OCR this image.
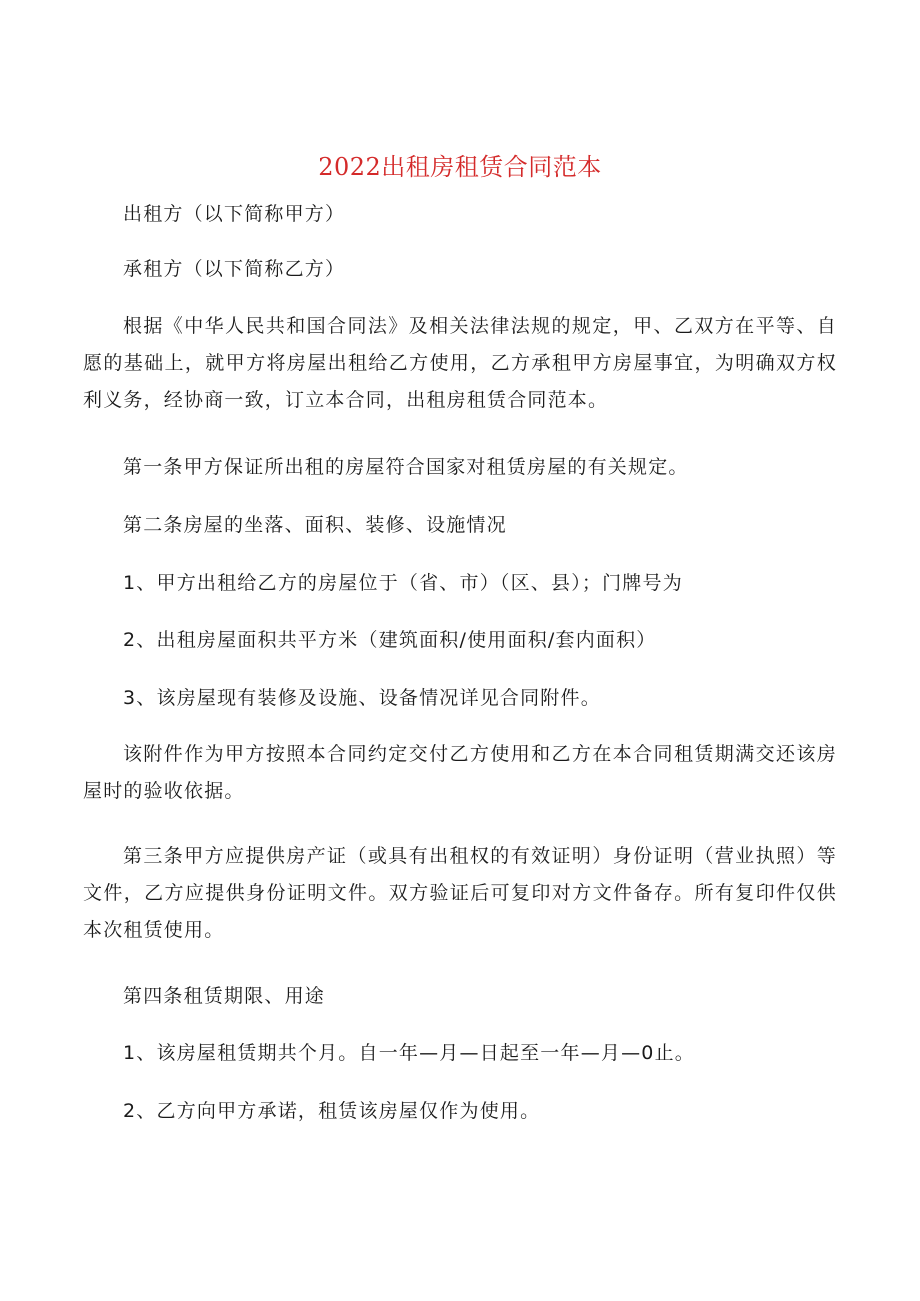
2022出租房租赁合同范本

出租方（以下简称甲方）

承租方（以下简称乙方）

根据《中华人民共和国合同法》及相关法律法规的规定，甲、乙双方在平等、自愿的基础上，就甲方将房屋出租给乙方使用，乙方承租甲方房屋事宜，为明确双方权利义务，经协商一致，订立本合同，出租房租赁合同范本。

第一条甲方保证所出租的房屋符合国家对租赁房屋的有关规定。

第二条房屋的坐落、面积、装修、设施情况

1、甲方出租给乙方的房屋位于（省、市）（区、县）；门牌号为

2、出租房屋面积共平方米（建筑面积/使用面积/套内面积）

3、该房屋现有装修及设施、设备情况详见合同附件。

该附件作为甲方按照本合同约定交付乙方使用和乙方在本合同租赁期满交还该房屋时的验收依据。

第三条甲方应提供房产证（或具有出租权的有效证明）身份证明（营业执照）等文件，乙方应提供身份证明文件。双方验证后可复印对方文件备存。所有复印件仅供本次租赁使用。

第四条租赁期限、用途

1、该房屋租赁期共个月。自一年—月—日起至一年—月—0止。

2、乙方向甲方承诺，租赁该房屋仅作为使用。
